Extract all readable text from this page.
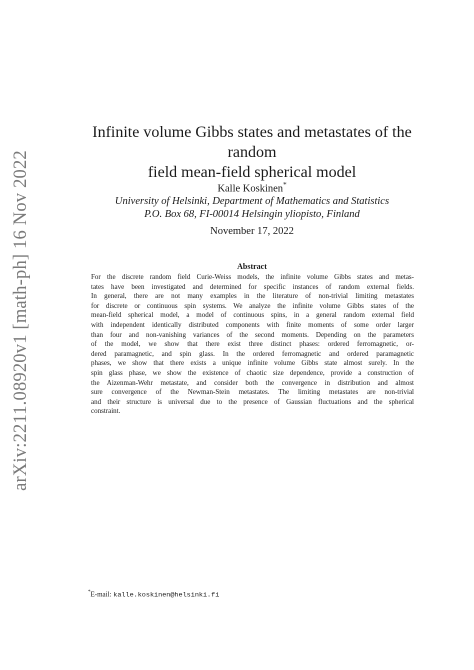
arXiv:2211.08920v1 [math-ph] 16 Nov 2022
Infinite volume Gibbs states and metastates of the random
field mean-field spherical model
Kalle Koskinen*
University of Helsinki, Department of Mathematics and Statistics
P.O. Box 68, FI-00014 Helsingin yliopisto, Finland
November 17, 2022
Abstract
For the discrete random field Curie-Weiss models, the infinite volume Gibbs states and metas-
tates have been investigated and determined for specific instances of random external fields.
In general, there are not many examples in the literature of non-trivial limiting metastates
for discrete or continuous spin systems. We analyze the infinite volume Gibbs states of the
mean-field spherical model, a model of continuous spins, in a general random external field
with independent identically distributed components with finite moments of some order larger
than four and non-vanishing variances of the second moments. Depending on the parameters
of the model, we show that there exist three distinct phases: ordered ferromagnetic, or-
dered paramagnetic, and spin glass. In the ordered ferromagnetic and ordered paramagnetic
phases, we show that there exists a unique infinite volume Gibbs state almost surely. In the
spin glass phase, we show the existence of chaotic size dependence, provide a construction of
the Aizenman-Wehr metastate, and consider both the convergence in distribution and almost
sure convergence of the Newman-Stein metastates. The limiting metastates are non-trivial
and their structure is universal due to the presence of Gaussian fluctuations and the spherical
constraint.
*E-mail: kalle.koskinen@helsinki.fi
